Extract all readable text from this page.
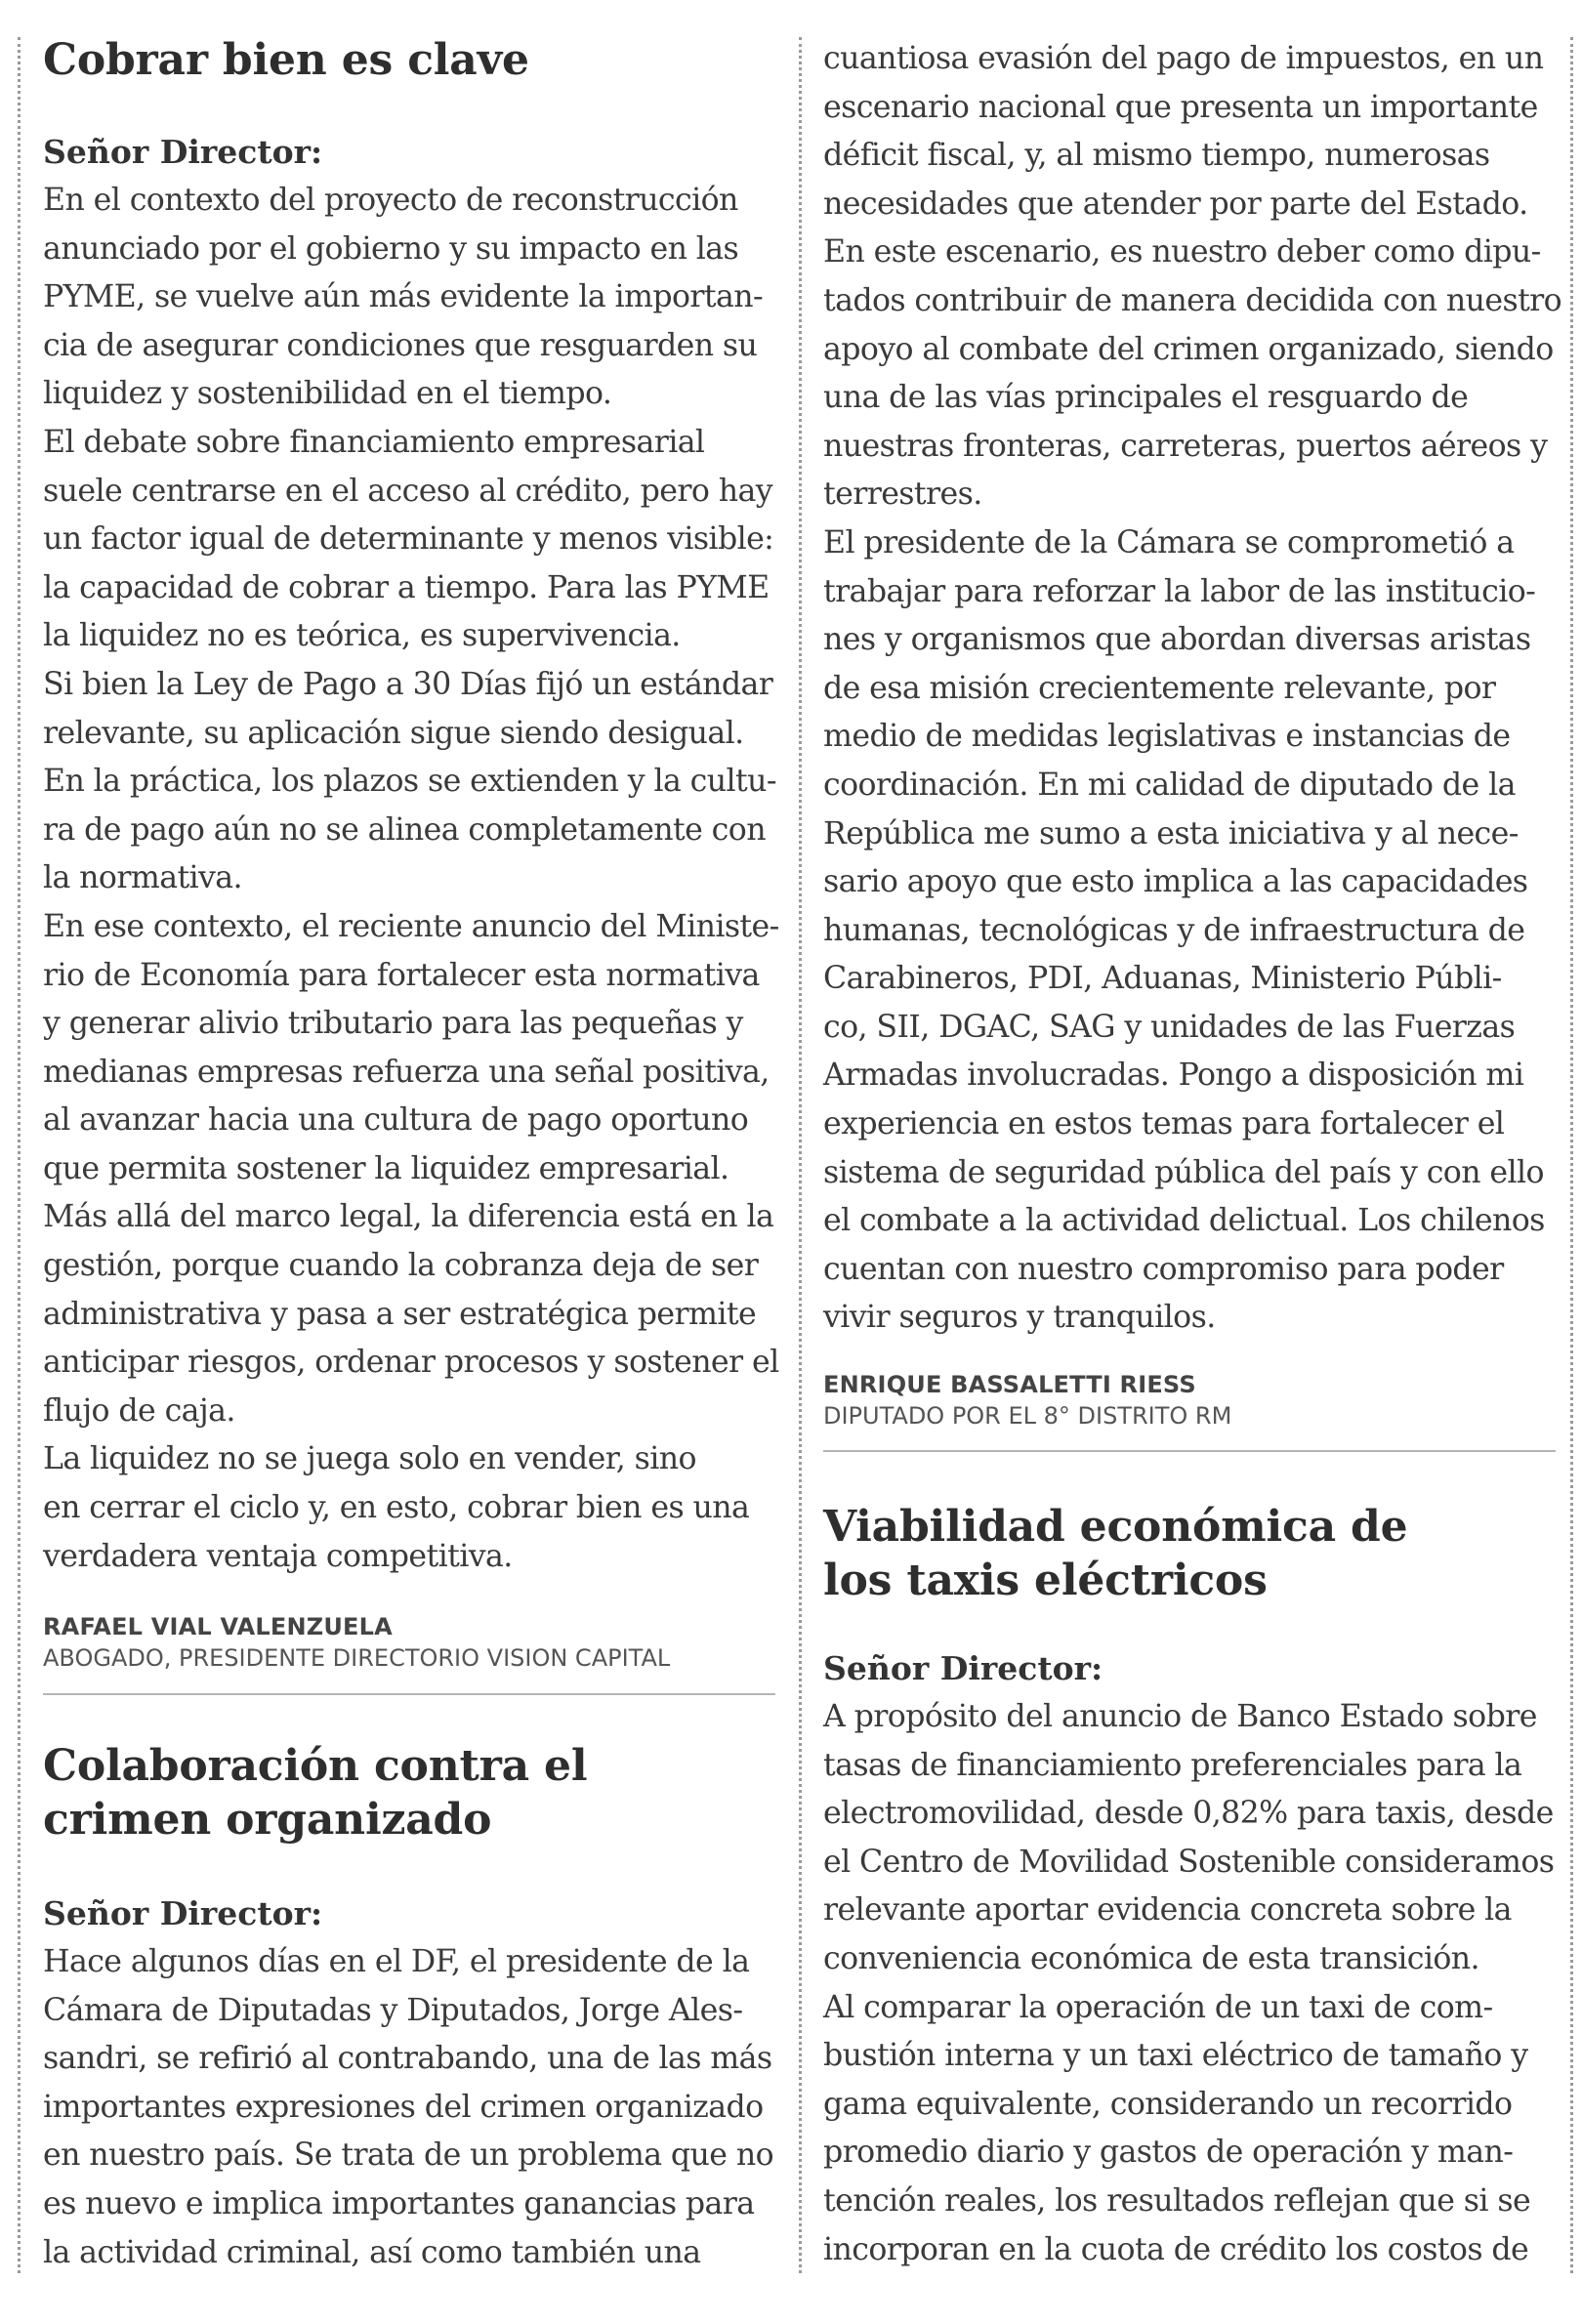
Cobrar bien es clave

Señor Director:

En el contexto del proyecto de reconstrucción
anunciado por el gobierno y su impacto en las
PYME, se vuelve aún más evidente la importan-
cia de asegurar condiciones que resguarden su
liquidez y sostenibilidad en el tiempo.
El debate sobre financiamiento empresarial
suele centrarse en el acceso al crédito, pero hay
un factor igual de determinante y menos visible:
la capacidad de cobrar a tiempo. Para las PYME
la liquidez no es teórica, es supervivencia.
Si bien la Ley de Pago a 30 Días fijó un estándar
relevante, su aplicación sigue siendo desigual.
En la práctica, los plazos se extienden y la cultu-
ra de pago aún no se alinea completamente con
la normativa.
En ese contexto, el reciente anuncio del Ministe-
rio de Economía para fortalecer esta normativa
y generar alivio tributario para las pequeñas y
medianas empresas refuerza una señal positiva,
al avanzar hacia una cultura de pago oportuno
que permita sostener la liquidez empresarial.
Más allá del marco legal, la diferencia está en la
gestión, porque cuando la cobranza deja de ser
administrativa y pasa a ser estratégica permite
anticipar riesgos, ordenar procesos y sostener el
flujo de caja.
La liquidez no se juega solo en vender, sino
en cerrar el ciclo y, en esto, cobrar bien es una
verdadera ventaja competitiva.

RAFAEL VIAL VALENZUELA

ABOGADO, PRESIDENTE DIRECTORIO VISION CAPITAL

Colaboración contra el
crimen organizado

Señor Director:

Hace algunos días en el DF, el presidente de la
Cámara de Diputadas y Diputados, Jorge Ales-
sandri, se refirió al contrabando, una de las más
importantes expresiones del crimen organizado
en nuestro país. Se trata de un problema que no
es nuevo e implica importantes ganancias para
la actividad criminal, así como también una
cuantiosa evasión del pago de impuestos, en un
escenario nacional que presenta un importante
déficit fiscal, y, al mismo tiempo, numerosas
necesidades que atender por parte del Estado.
En este escenario, es nuestro deber como dipu-
tados contribuir de manera decidida con nuestro
apoyo al combate del crimen organizado, siendo
una de las vías principales el resguardo de
nuestras fronteras, carreteras, puertos aéreos y
terrestres.
El presidente de la Cámara se comprometió a
trabajar para reforzar la labor de las institucio-
nes y organismos que abordan diversas aristas
de esa misión crecientemente relevante, por
medio de medidas legislativas e instancias de
coordinación. En mi calidad de diputado de la
República me sumo a esta iniciativa y al nece-
sario apoyo que esto implica a las capacidades
humanas, tecnológicas y de infraestructura de
Carabineros, PDI, Aduanas, Ministerio Públi-
co, SII, DGAC, SAG y unidades de las Fuerzas
Armadas involucradas. Pongo a disposición mi
experiencia en estos temas para fortalecer el
sistema de seguridad pública del país y con ello
el combate a la actividad delictual. Los chilenos
cuentan con nuestro compromiso para poder
vivir seguros y tranquilos.

ENRIQUE BASSALETTI RIESS

DIPUTADO POR EL 8° DISTRITO RM

Viabilidad económica de
los taxis eléctricos

Señor Director:

A propósito del anuncio de Banco Estado sobre
tasas de financiamiento preferenciales para la
electromovilidad, desde 0,82% para taxis, desde
el Centro de Movilidad Sostenible consideramos
relevante aportar evidencia concreta sobre la
conveniencia económica de esta transición.
Al comparar la operación de un taxi de com-
bustión interna y un taxi eléctrico de tamaño y
gama equivalente, considerando un recorrido
promedio diario y gastos de operación y man-
tención reales, los resultados reflejan que si se
incorporan en la cuota de crédito los costos de
